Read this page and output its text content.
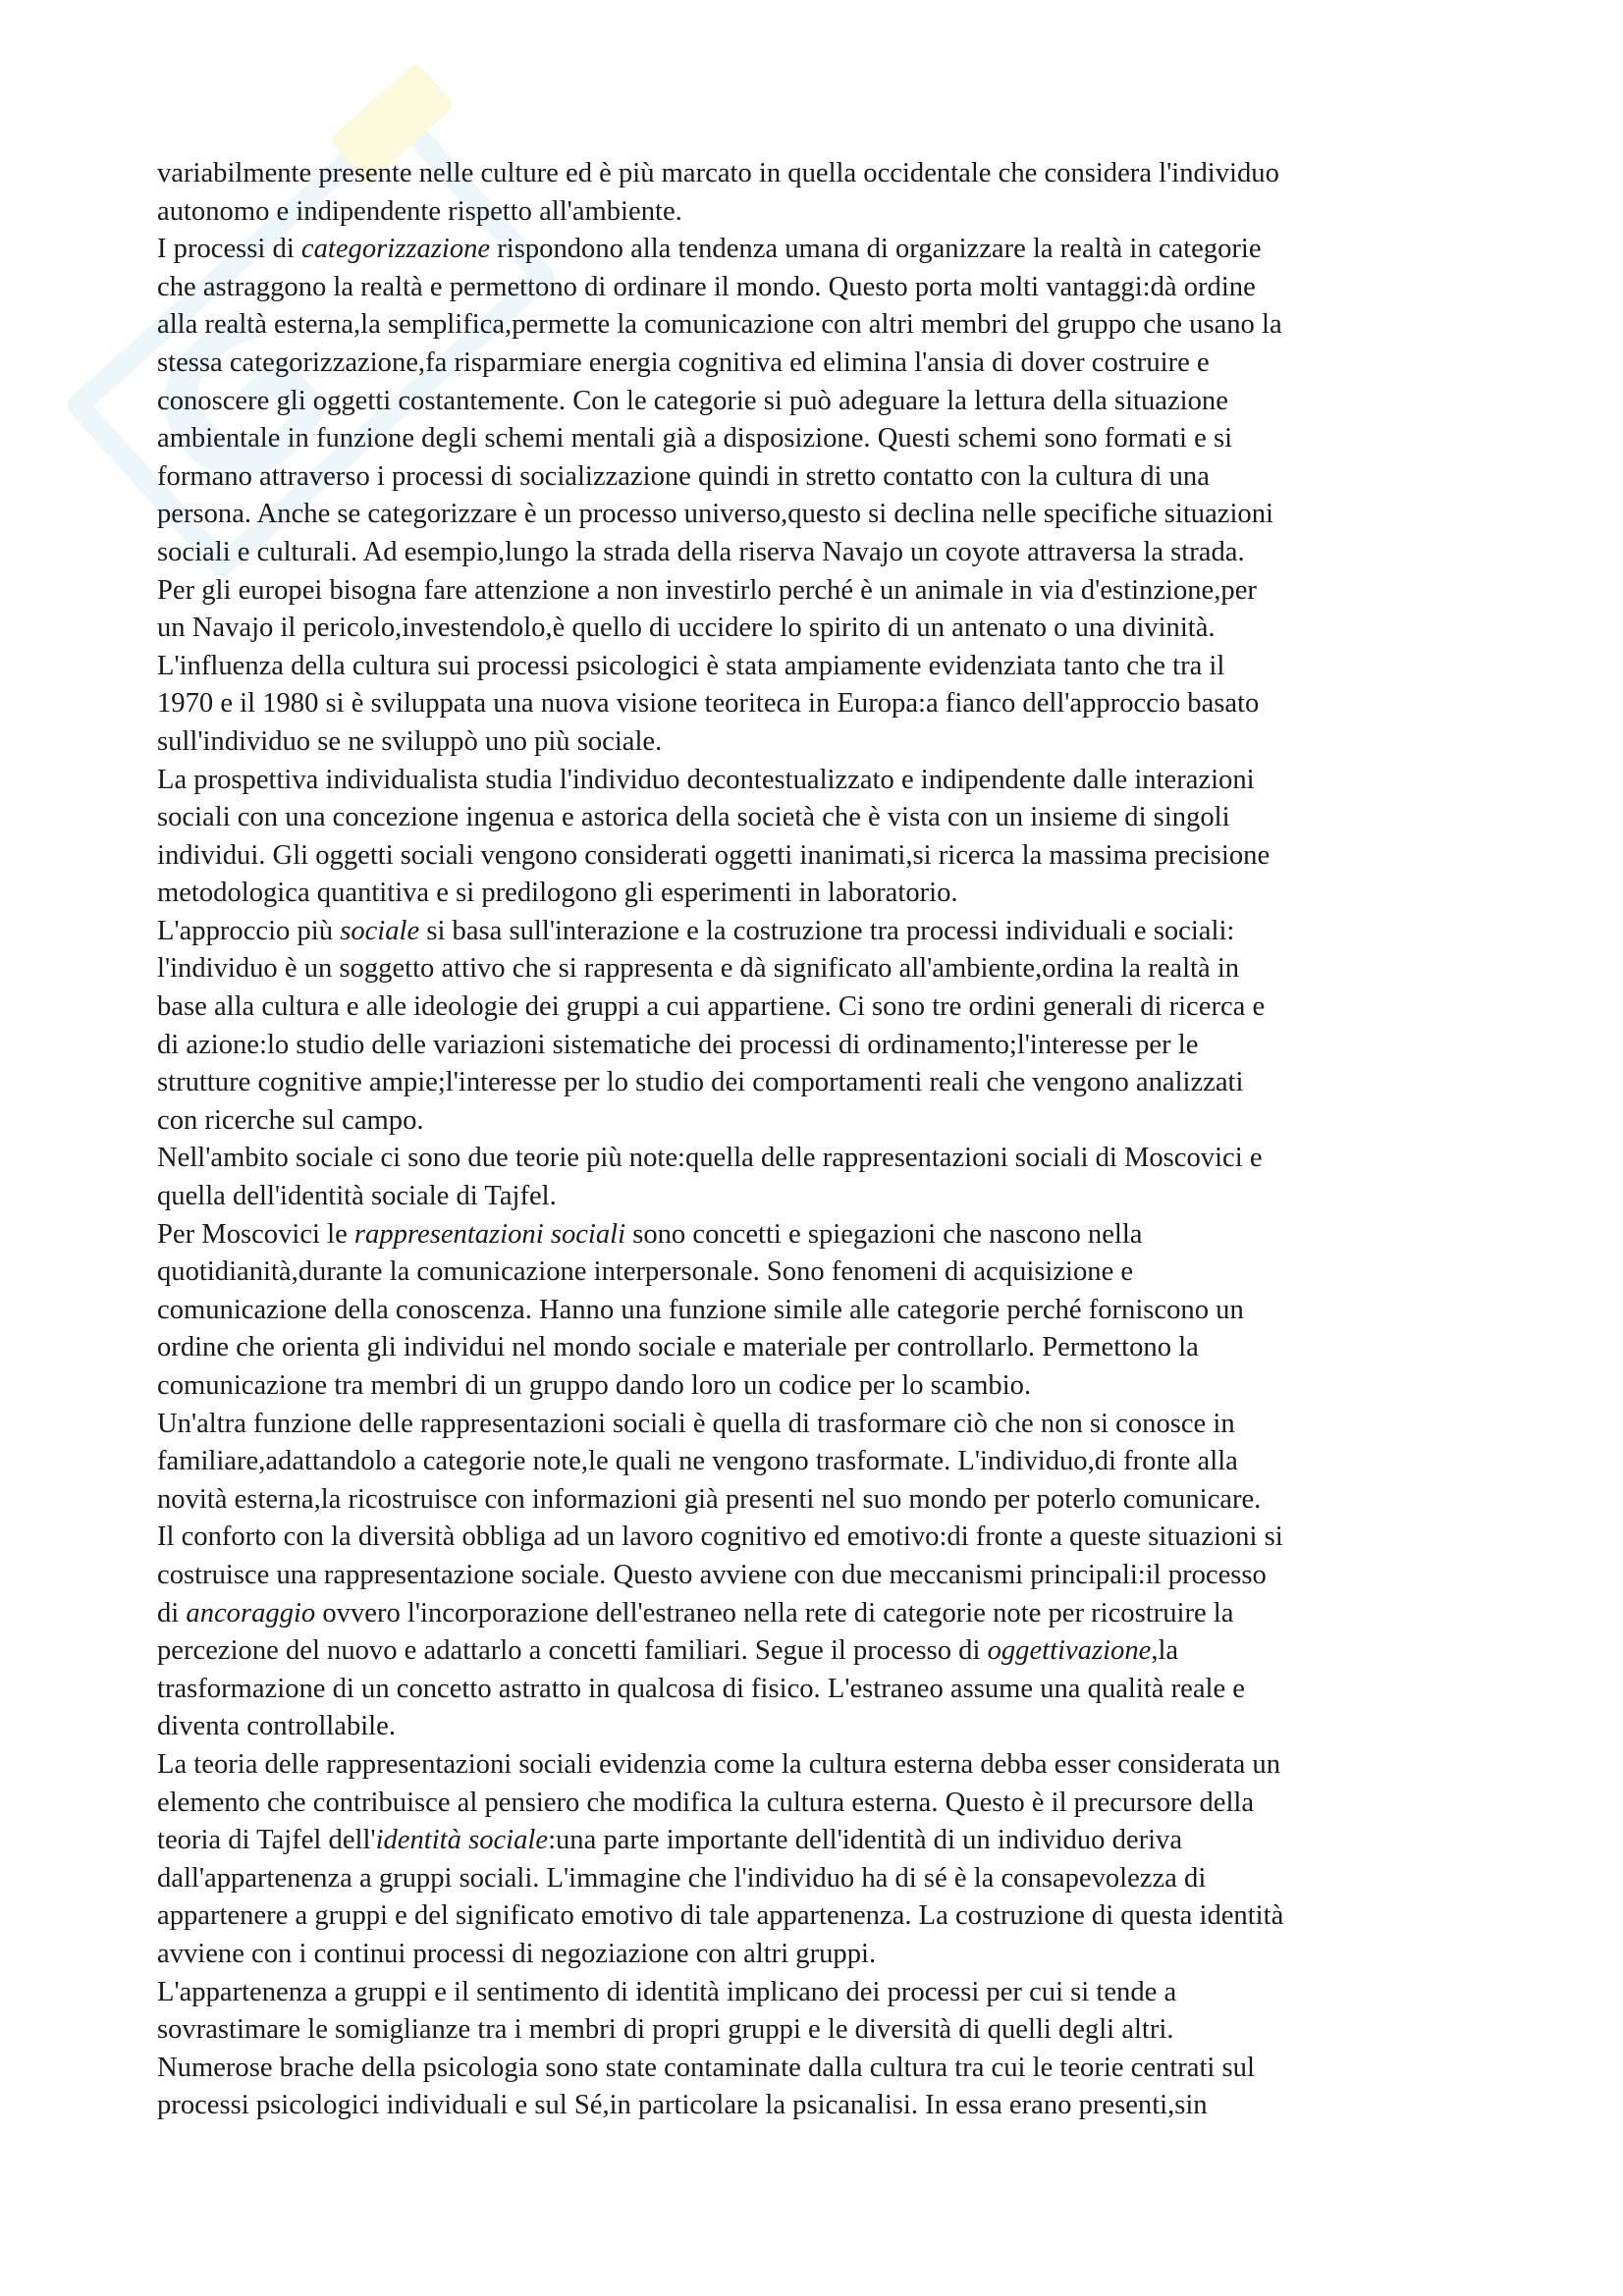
G
variabilmente presente nelle culture ed è più marcato in quella occidentale che considera l'individuo
autonomo e indipendente rispetto all'ambiente.
I processi di categorizzazione rispondono alla tendenza umana di organizzare la realtà in categorie
che astraggono la realtà e permettono di ordinare il mondo. Questo porta molti vantaggi:dà ordine
alla realtà esterna,la semplifica,permette la comunicazione con altri membri del gruppo che usano la
stessa categorizzazione,fa risparmiare energia cognitiva ed elimina l'ansia di dover costruire e
conoscere gli oggetti costantemente. Con le categorie si può adeguare la lettura della situazione
ambientale in funzione degli schemi mentali già a disposizione. Questi schemi sono formati e si
formano attraverso i processi di socializzazione quindi in stretto contatto con la cultura di una
persona. Anche se categorizzare è un processo universo,questo si declina nelle specifiche situazioni
sociali e culturali. Ad esempio,lungo la strada della riserva Navajo un coyote attraversa la strada.
Per gli europei bisogna fare attenzione a non investirlo perché è un animale in via d'estinzione,per
un Navajo il pericolo,investendolo,è quello di uccidere lo spirito di un antenato o una divinità.
L'influenza della cultura sui processi psicologici è stata ampiamente evidenziata tanto che tra il
1970 e il 1980 si è sviluppata una nuova visione teoriteca in Europa:a fianco dell'approccio basato
sull'individuo se ne sviluppò uno più sociale.
La prospettiva individualista studia l'individuo decontestualizzato e indipendente dalle interazioni
sociali con una concezione ingenua e astorica della società che è vista con un insieme di singoli
individui. Gli oggetti sociali vengono considerati oggetti inanimati,si ricerca la massima precisione
metodologica quantitiva e si predilogono gli esperimenti in laboratorio.
L'approccio più sociale si basa sull'interazione e la costruzione tra processi individuali e sociali:
l'individuo è un soggetto attivo che si rappresenta e dà significato all'ambiente,ordina la realtà in
base alla cultura e alle ideologie dei gruppi a cui appartiene. Ci sono tre ordini generali di ricerca e
di azione:lo studio delle variazioni sistematiche dei processi di ordinamento;l'interesse per le
strutture cognitive ampie;l'interesse per lo studio dei comportamenti reali che vengono analizzati
con ricerche sul campo.
Nell'ambito sociale ci sono due teorie più note:quella delle rappresentazioni sociali di Moscovici e
quella dell'identità sociale di Tajfel.
Per Moscovici le rappresentazioni sociali sono concetti e spiegazioni che nascono nella
quotidianità,durante la comunicazione interpersonale. Sono fenomeni di acquisizione e
comunicazione della conoscenza. Hanno una funzione simile alle categorie perché forniscono un
ordine che orienta gli individui nel mondo sociale e materiale per controllarlo. Permettono la
comunicazione tra membri di un gruppo dando loro un codice per lo scambio.
Un'altra funzione delle rappresentazioni sociali è quella di trasformare ciò che non si conosce in
familiare,adattandolo a categorie note,le quali ne vengono trasformate. L'individuo,di fronte alla
novità esterna,la ricostruisce con informazioni già presenti nel suo mondo per poterlo comunicare.
Il conforto con la diversità obbliga ad un lavoro cognitivo ed emotivo:di fronte a queste situazioni si
costruisce una rappresentazione sociale. Questo avviene con due meccanismi principali:il processo
di ancoraggio ovvero l'incorporazione dell'estraneo nella rete di categorie note per ricostruire la
percezione del nuovo e adattarlo a concetti familiari. Segue il processo di oggettivazione,la
trasformazione di un concetto astratto in qualcosa di fisico. L'estraneo assume una qualità reale e
diventa controllabile.
La teoria delle rappresentazioni sociali evidenzia come la cultura esterna debba esser considerata un
elemento che contribuisce al pensiero che modifica la cultura esterna. Questo è il precursore della
teoria di Tajfel dell'identità sociale:una parte importante dell'identità di un individuo deriva
dall'appartenenza a gruppi sociali. L'immagine che l'individuo ha di sé è la consapevolezza di
appartenere a gruppi e del significato emotivo di tale appartenenza. La costruzione di questa identità
avviene con i continui processi di negoziazione con altri gruppi.
L'appartenenza a gruppi e il sentimento di identità implicano dei processi per cui si tende a
sovrastimare le somiglianze tra i membri di propri gruppi e le diversità di quelli degli altri.
Numerose brache della psicologia sono state contaminate dalla cultura tra cui le teorie centrati sul
processi psicologici individuali e sul Sé,in particolare la psicanalisi. In essa erano presenti,sin
